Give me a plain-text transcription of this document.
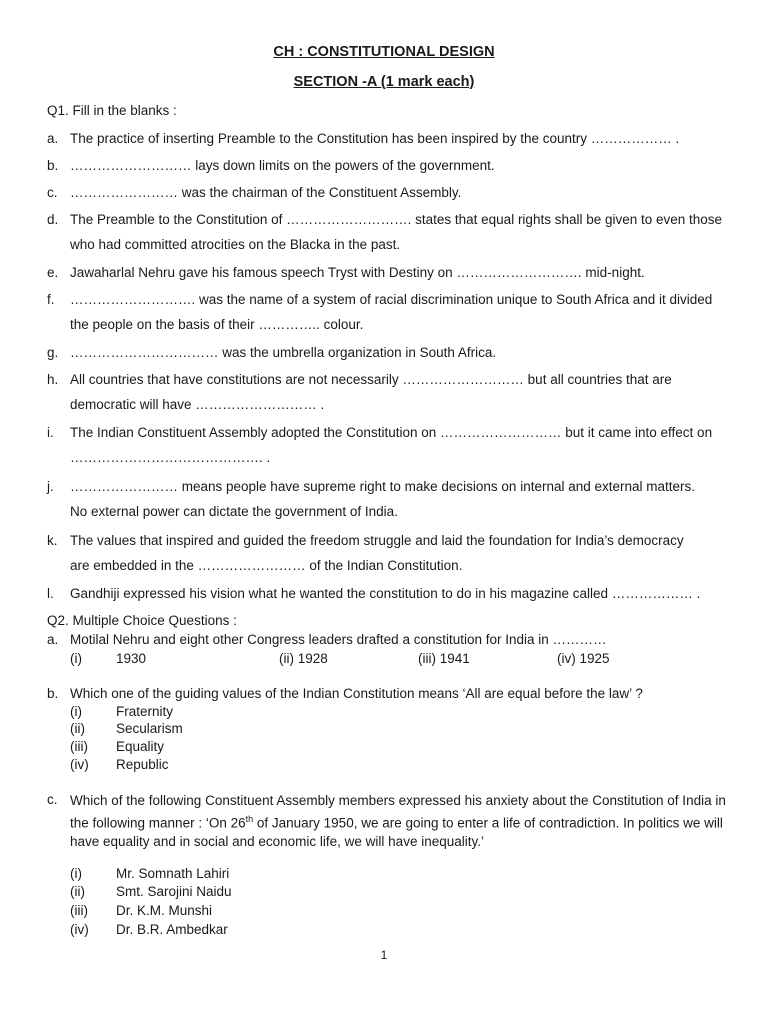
CH : CONSTITUTIONAL DESIGN
SECTION -A (1 mark each)
Q1. Fill in the blanks :
a. The practice of inserting Preamble to the Constitution has been inspired by the country ……………… .
b. ……………………… lays down limits on the powers of the government.
c. …………………… was the chairman of the Constituent Assembly.
d. The Preamble to the Constitution of ………………………. states that equal rights shall be given to even those
who had committed atrocities on the Blacka in the past.
e. Jawaharlal Nehru gave his famous speech Tryst with Destiny on ………………………. mid-night.
f. ………………………. was the name of a system of racial discrimination unique to South Africa and it divided
the people on the basis of their ………….. colour.
g. …………………………… was the umbrella organization in South Africa.
h. All countries that have constitutions are not necessarily ……………………… but all countries that are
democratic will have ……………………… .
i. The Indian Constituent Assembly adopted the Constitution on ……………………… but it came into effect on
……………………………………. .
j. …………………… means people have supreme right to make decisions on internal and external matters.
No external power can dictate the government of India.
k. The values that inspired and guided the freedom struggle and laid the foundation for India’s democracy
are embedded in the …………………… of the Indian Constitution.
l. Gandhiji expressed his vision what he wanted the constitution to do in his magazine called ……………… .
Q2. Multiple Choice Questions :
a. Motilal Nehru and eight other Congress leaders drafted a constitution for India in …………
(i)	1930	(ii) 1928	(iii) 1941	(iv) 1925
b. Which one of the guiding values of the Indian Constitution means ‘All are equal before the law’ ?
(i)	Fraternity
(ii) Secularism
(iii) Equality
(iv) Republic
c. Which of the following Constituent Assembly members expressed his anxiety about the Constitution of India in the following manner : ‘On 26th of January 1950, we are going to enter a life of contradiction. In politics we will have equality and in social and economic life, we will have inequality.’
(i)	Mr. Somnath Lahiri
(ii) Smt. Sarojini Naidu
(iii) Dr. K.M. Munshi
(iv) Dr. B.R. Ambedkar
1
